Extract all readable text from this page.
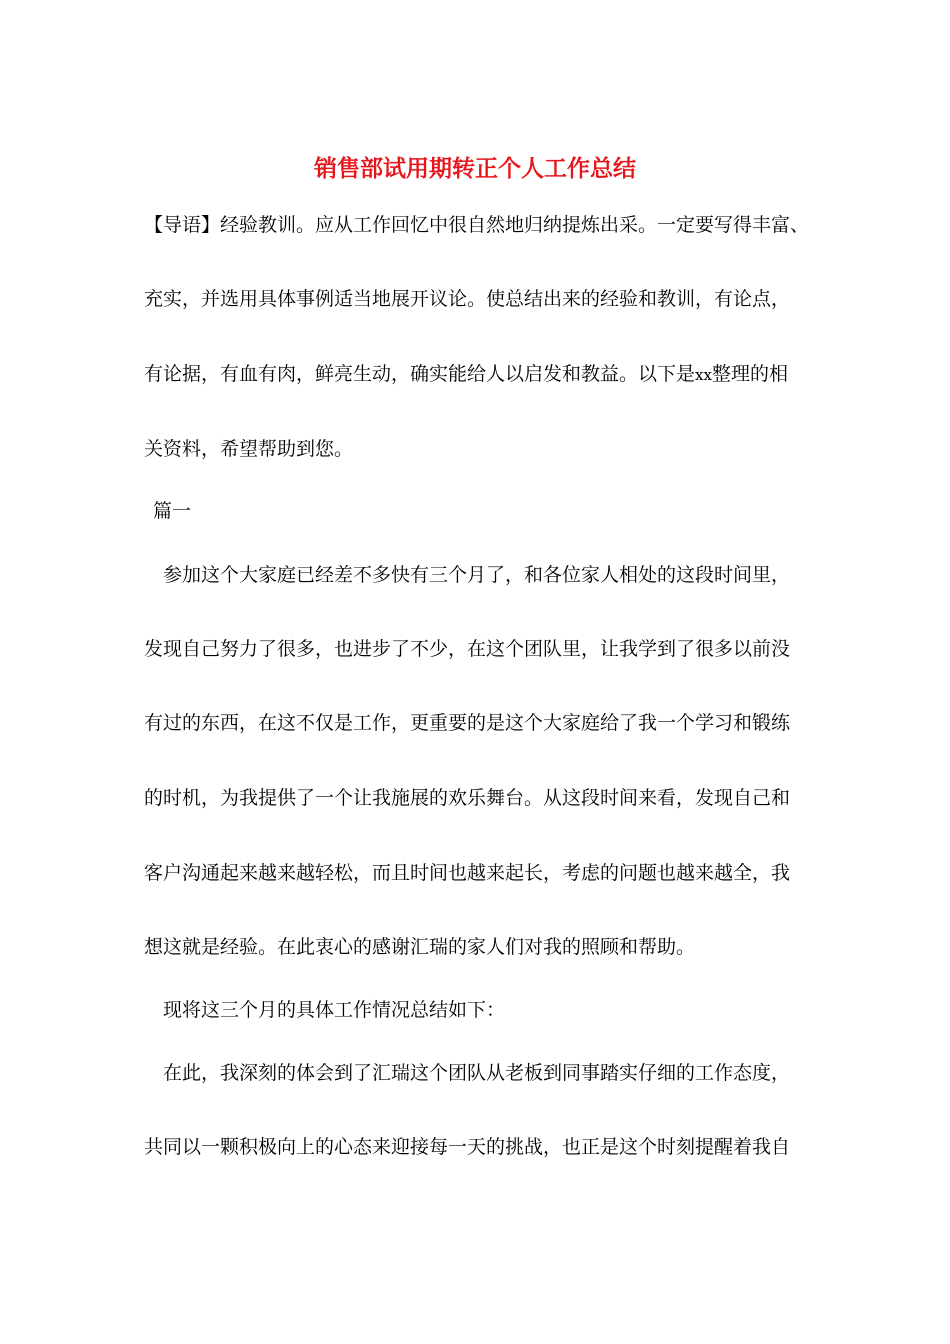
销售部试用期转正个人工作总结
【导语】经验教训。应从工作回忆中很自然地归纳提炼出采。一定要写得丰富、
充实，并选用具体事例适当地展开议论。使总结出来的经验和教训，有论点，
有论据，有血有肉，鲜亮生动，确实能给人以启发和教益。以下是xx整理的相
关资料，希望帮助到您。
篇一
参加这个大家庭已经差不多快有三个月了，和各位家人相处的这段时间里，
发现自己努力了很多，也进步了不少，在这个团队里，让我学到了很多以前没
有过的东西，在这不仅是工作，更重要的是这个大家庭给了我一个学习和锻练
的时机，为我提供了一个让我施展的欢乐舞台。从这段时间来看，发现自己和
客户沟通起来越来越轻松，而且时间也越来起长，考虑的问题也越来越全，我
想这就是经验。在此衷心的感谢汇瑞的家人们对我的照顾和帮助。
现将这三个月的具体工作情况总结如下：
在此，我深刻的体会到了汇瑞这个团队从老板到同事踏实仔细的工作态度，
共同以一颗积极向上的心态来迎接每一天的挑战，也正是这个时刻提醒着我自
